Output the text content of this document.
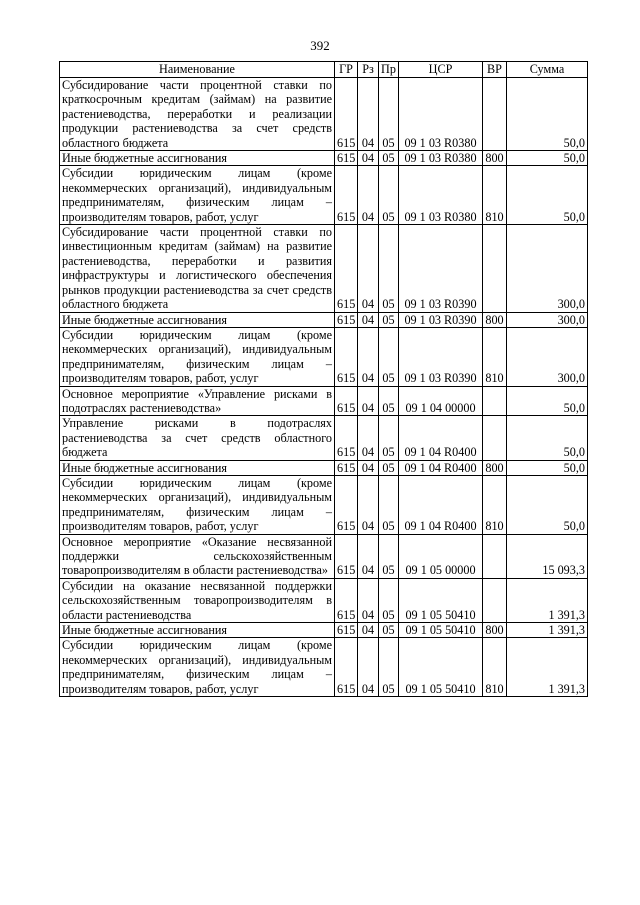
392
Наименование	ГР	Рз	Пр	ЦСР	ВР	Сумма
Субсидирование части процентной ставки по краткосрочным кредитам (займам) на развитие растениеводства, переработки и реализации продукции растениеводства за счет средств областного бюджета	615	04	05	09 1 03 R0380		50,0
Иные бюджетные ассигнования	615	04	05	09 1 03 R0380	800	50,0
Субсидии юридическим лицам (кроме некоммерческих организаций), индивидуальным предпринимателям, физическим лицам – производителям товаров, работ, услуг	615	04	05	09 1 03 R0380	810	50,0
Субсидирование части процентной ставки по инвестиционным кредитам (займам) на развитие растениеводства, переработки и развития инфраструктуры и логистического обеспечения рынков продукции растениеводства за счет средств областного бюджета	615	04	05	09 1 03 R0390		300,0
Иные бюджетные ассигнования	615	04	05	09 1 03 R0390	800	300,0
Субсидии юридическим лицам (кроме некоммерческих организаций), индивидуальным предпринимателям, физическим лицам – производителям товаров, работ, услуг	615	04	05	09 1 03 R0390	810	300,0
Основное мероприятие «Управление рисками в подотраслях растениеводства»	615	04	05	09 1 04 00000		50,0
Управление рисками в подотраслях растениеводства за счет средств областного бюджета	615	04	05	09 1 04 R0400		50,0
Иные бюджетные ассигнования	615	04	05	09 1 04 R0400	800	50,0
Субсидии юридическим лицам (кроме некоммерческих организаций), индивидуальным предпринимателям, физическим лицам – производителям товаров, работ, услуг	615	04	05	09 1 04 R0400	810	50,0
Основное мероприятие «Оказание несвязанной поддержки сельскохозяйственным товаропроизводителям в области растениеводства»	615	04	05	09 1 05 00000		15 093,3
Субсидии на оказание несвязанной поддержки сельскохозяйственным товаропроизводителям в области растениеводства	615	04	05	09 1 05 50410		1 391,3
Иные бюджетные ассигнования	615	04	05	09 1 05 50410	800	1 391,3
Субсидии юридическим лицам (кроме некоммерческих организаций), индивидуальным предпринимателям, физическим лицам – производителям товаров, работ, услуг	615	04	05	09 1 05 50410	810	1 391,3
